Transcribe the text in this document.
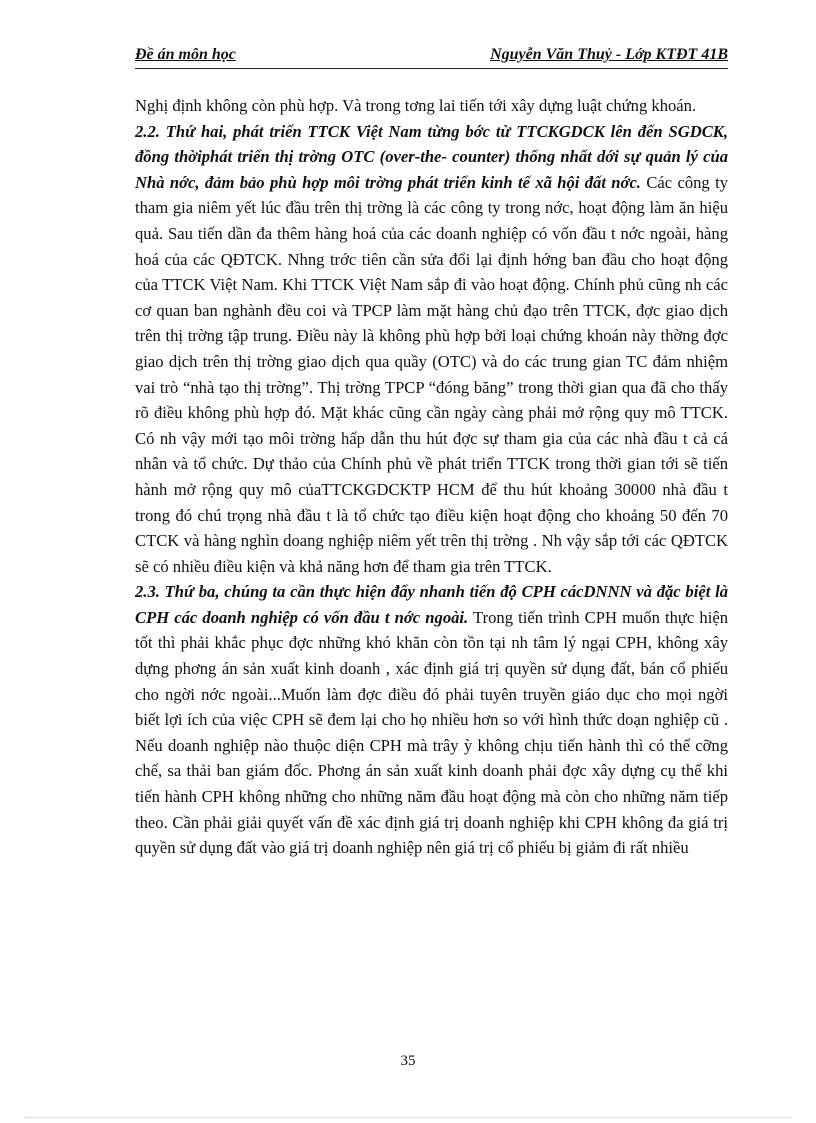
Đề án môn học	Nguyễn Văn Thuỷ - Lớp KTĐT 41B

Nghị định không còn phù hợp. Và trong tơng lai tiến tới xây dựng luật chứng khoán.

2.2. Thứ hai, phát triển TTCK Việt Nam từng bớc từ TTCKGDCK lên đến SGDCK, đồng thờiphát triển thị trờng OTC (over-the- counter) thống nhất dới sự quản lý của Nhà nớc, đảm bảo phù hợp môi trờng phát triển kinh tế xã hội đất nớc. Các công ty tham gia niêm yết lúc đầu trên thị trờng là các công ty trong nớc, hoạt động làm ăn hiệu quả. Sau tiến dần đa thêm hàng hoá của các doanh nghiệp có vốn đầu t nớc ngoài, hàng hoá của các QĐTCK. Nhng trớc tiên cần sửa đổi lại định hớng ban đầu cho hoạt động của TTCK Việt Nam. Khi TTCK Việt Nam sắp đi vào hoạt động. Chính phủ cũng nh các cơ quan ban nghành đều coi và TPCP làm mặt hàng chủ đạo trên TTCK, đợc giao dịch trên thị trờng tập trung. Điều này là không phù hợp bởi loại chứng khoán này thờng đợc giao dịch trên thị trờng giao dịch qua quầy (OTC) và do các trung gian TC đảm nhiệm vai trò “nhà tạo thị trờng”. Thị trờng TPCP “đóng băng” trong thời gian qua đã cho thấy rõ điều không phù hợp đó. Mặt khác cũng cần ngày càng phải mở rộng quy mô TTCK. Có nh vậy mới tạo môi trờng hấp dẫn thu hút đợc sự tham gia của các nhà đầu t cả cá nhân và tổ chức. Dự thảo của Chính phủ về phát triển TTCK trong thời gian tới sẽ tiến hành mở rộng quy mô củaTTCKGDCKTP HCM để thu hút khoảng 30000 nhà đầu t trong đó chú trọng nhà đầu t là tổ chức tạo điều kiện hoạt động cho khoảng 50 đến 70 CTCK và hàng nghìn doang nghiệp niêm yết trên thị trờng . Nh vậy sắp tới các QĐTCK sẽ có nhiều điều kiện và khả năng hơn để tham gia trên TTCK.

2.3. Thứ ba, chúng ta cần thực hiện đẩy nhanh tiến độ CPH cácDNNN và đặc biệt là CPH các doanh nghiệp có vốn đầu t nớc ngoài. Trong tiến trình CPH muốn thực hiện tốt thì phải khắc phục đợc những khó khăn còn tồn tại nh tâm lý ngại CPH, không xây dựng phơng án sản xuất kinh doanh , xác định giá trị quyền sử dụng đất, bán cổ phiếu cho ngời nớc ngoài...Muốn làm đợc điều đó phải tuyên truyền giáo dục cho mọi ngời biết lợi ích của việc CPH sẽ đem lại cho họ nhiều hơn so với hình thức doạn nghiệp cũ . Nếu doanh nghiệp nào thuộc diện CPH mà trây ỳ không chịu tiến hành thì có thể cỡng chế, sa thải ban giám đốc. Phơng án sản xuất kinh doanh phải đợc xây dựng cụ thể khi tiến hành CPH không những cho những năm đầu hoạt động mà còn cho những năm tiếp theo. Cần phải giải quyết vấn đề xác định giá trị doanh nghiệp khi CPH không đa giá trị quyền sử dụng đất vào giá trị doanh nghiệp nên giá trị cổ phiếu bị giảm đi rất nhiều

35
